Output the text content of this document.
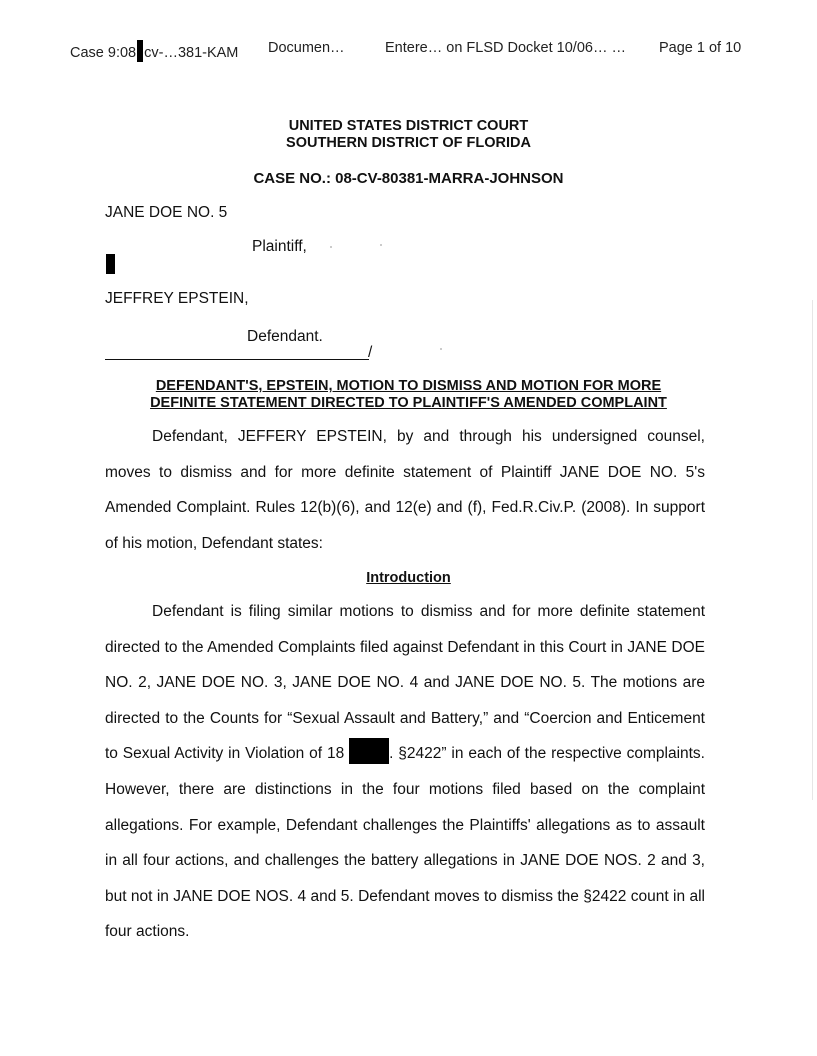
Case 9:08 cv-…381-KAM Documen…	Entere… on FLSD Docket 10/06… … Page 1 of 10
UNITED STATES DISTRICT COURT
SOUTHERN DISTRICT OF FLORIDA
CASE NO.: 08-CV-80381-MARRA-JOHNSON
JANE DOE NO. 5
Plaintiff,
JEFFREY EPSTEIN,
Defendant.
/
DEFENDANT'S, EPSTEIN, MOTION TO DISMISS AND MOTION FOR MORE
DEFINITE STATEMENT DIRECTED TO PLAINTIFF'S AMENDED COMPLAINT
Defendant, JEFFERY EPSTEIN, by and through his undersigned counsel, moves to dismiss and for more definite statement of Plaintiff JANE DOE NO. 5's Amended Complaint. Rules 12(b)(6), and 12(e) and (f), Fed.R.Civ.P. (2008). In support of his motion, Defendant states:
Introduction
Defendant is filing similar motions to dismiss and for more definite statement directed to the Amended Complaints filed against Defendant in this Court in JANE DOE NO. 2, JANE DOE NO. 3, JANE DOE NO. 4 and JANE DOE NO. 5. The motions are directed to the Counts for “Sexual Assault and Battery,” and “Coercion and Enticement to Sexual Activity in Violation of 18	. §2422” in each of the respective complaints. However, there are distinctions in the four motions filed based on the complaint allegations. For example, Defendant challenges the Plaintiffs' allegations as to assault in all four actions, and challenges the battery allegations in JANE DOE NOS. 2 and 3, but not in JANE DOE NOS. 4 and 5. Defendant moves to dismiss the §2422 count in all four actions.
